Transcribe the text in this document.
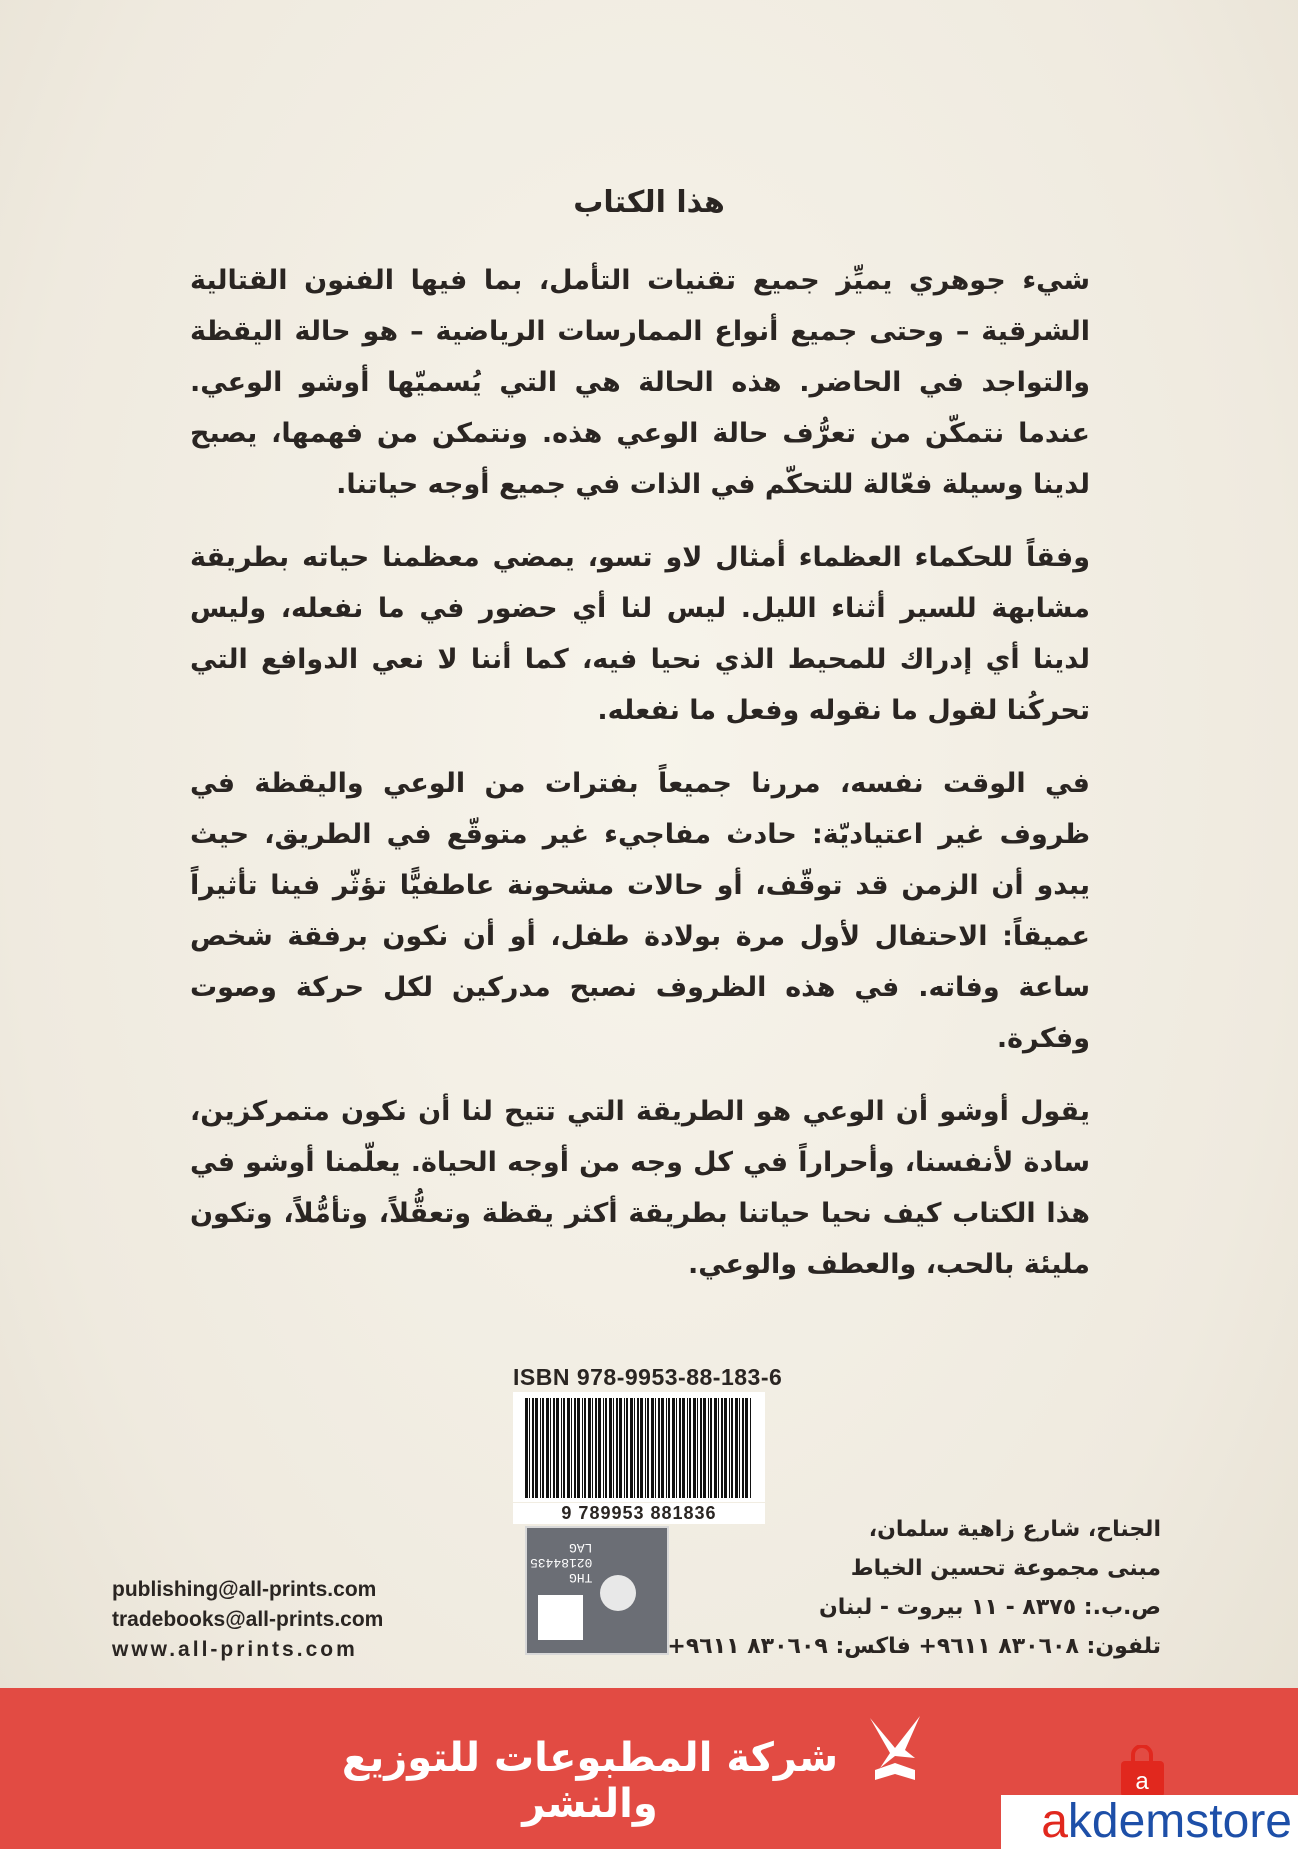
هذا الكتاب

شيء جوهري يميِّز جميع تقنيات التأمل، بما فيها الفنون القتالية الشرقية – وحتى جميع أنواع الممارسات الرياضية – هو حالة اليقظة والتواجد في الحاضر. هذه الحالة هي التي يُسميّها أوشو الوعي. عندما نتمكّن من تعرُّف حالة الوعي هذه. ونتمكن من فهمها، يصبح لدينا وسيلة فعّالة للتحكّم في الذات في جميع أوجه حياتنا.

وفقاً للحكماء العظماء أمثال لاو تسو، يمضي معظمنا حياته بطريقة مشابهة للسير أثناء الليل. ليس لنا أي حضور في ما نفعله، وليس لدينا أي إدراك للمحيط الذي نحيا فيه، كما أننا لا نعي الدوافع التي تحركُنا لقول ما نقوله وفعل ما نفعله.

في الوقت نفسه، مررنا جميعاً بفترات من الوعي واليقظة في ظروف غير اعتياديّة: حادث مفاجيء غير متوقّع في الطريق، حيث يبدو أن الزمن قد توقّف، أو حالات مشحونة عاطفيًّا تؤثّر فينا تأثيراً عميقاً: الاحتفال لأول مرة بولادة طفل، أو أن نكون برفقة شخص ساعة وفاته. في هذه الظروف نصبح مدركين لكل حركة وصوت وفكرة.

يقول أوشو أن الوعي هو الطريقة التي تتيح لنا أن نكون متمركزين، سادة لأنفسنا، وأحراراً في كل وجه من أوجه الحياة. يعلّمنا أوشو في هذا الكتاب كيف نحيا حياتنا بطريقة أكثر يقظة وتعقُّلاً، وتأمُّلاً، وتكون مليئة بالحب، والعطف والوعي.

ISBN 978-9953-88-183-6
9 789953 881836
THG
02184435
LAG
publishing@all-prints.com
tradebooks@all-prints.com
www.all-prints.com
الجناح، شارع زاهية سلمان،
مبنى مجموعة تحسين الخياط
ص.ب.: ٨٣٧٥ - ١١ بيروت - لبنان
تلفون: ٨٣٠٦٠٨ ٩٦١١+ فاكس: ٨٣٠٦٠٩ ٩٦١١+
شركة المطبوعات للتوزيع والنشر	a
akdemstore
